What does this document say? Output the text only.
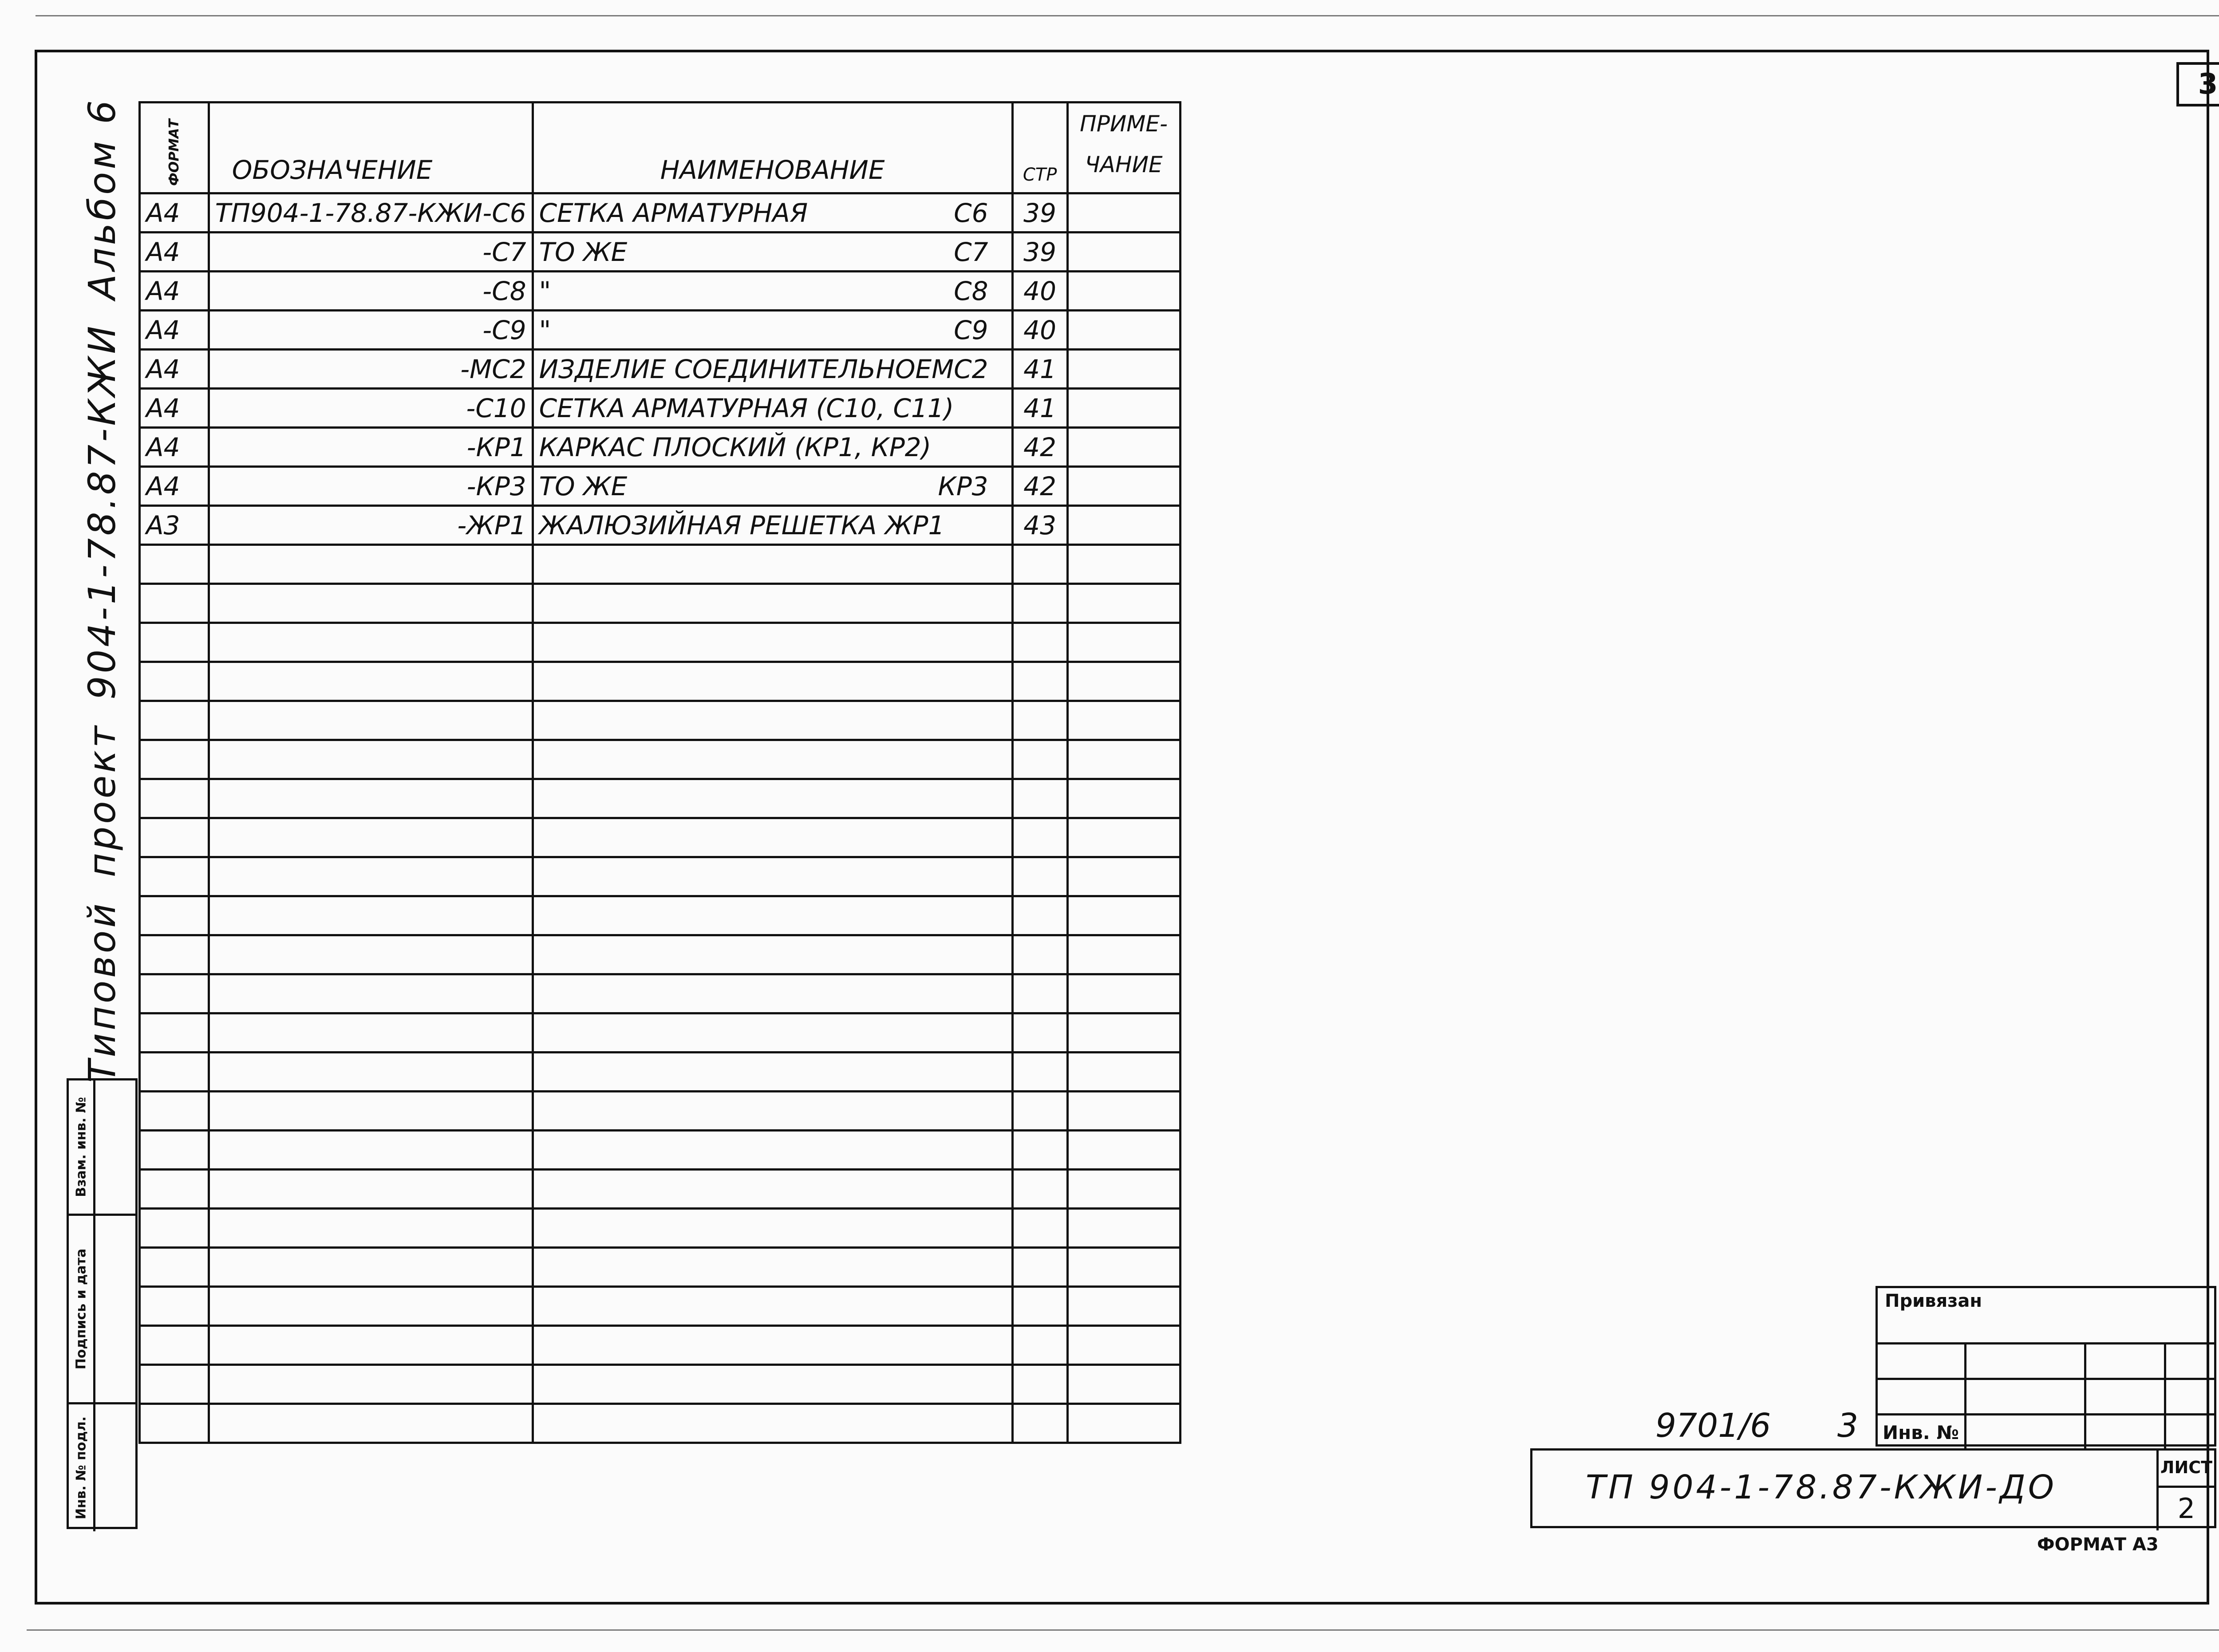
3
Типовой
проект
904-1-78.87-КЖИ
Альбом 6	ФОРМАТ	ОБОЗНАЧЕНИЕ	НАИМЕНОВАНИЕ	СТР	ПРИМЕ- ЧАНИЕ
А4	ТП904-1-78.87-КЖИ-С6	СЕТКА АРМАТУРНАЯ С6	39	
А4	-С7	ТО ЖЕ С7	39	
А4	-С8	" С8	40	
А4	-С9	" С9	40	
А4	-МС2	ИЗДЕЛИЕ СОЕДИНИТЕЛЬНОЕ МС2	41	
А4	-С10	СЕТКА АРМАТУРНАЯ (С10, С11)	41	
А4	-КР1	КАРКАС ПЛОСКИЙ (КР1, КР2)	42	
А4	-КР3	ТО ЖЕ КР3	42	
А3	-ЖР1	ЖАЛЮЗИЙНАЯ РЕШЕТКА ЖР1	43	

Взам. инв. №
Подпись и дата
Инв. № подл.
Привязан
Инв. №
9701/6 3
ТП 904-1-78.87-КЖИ-ДО
ЛИСТ
2
ФОРМАТ А3
